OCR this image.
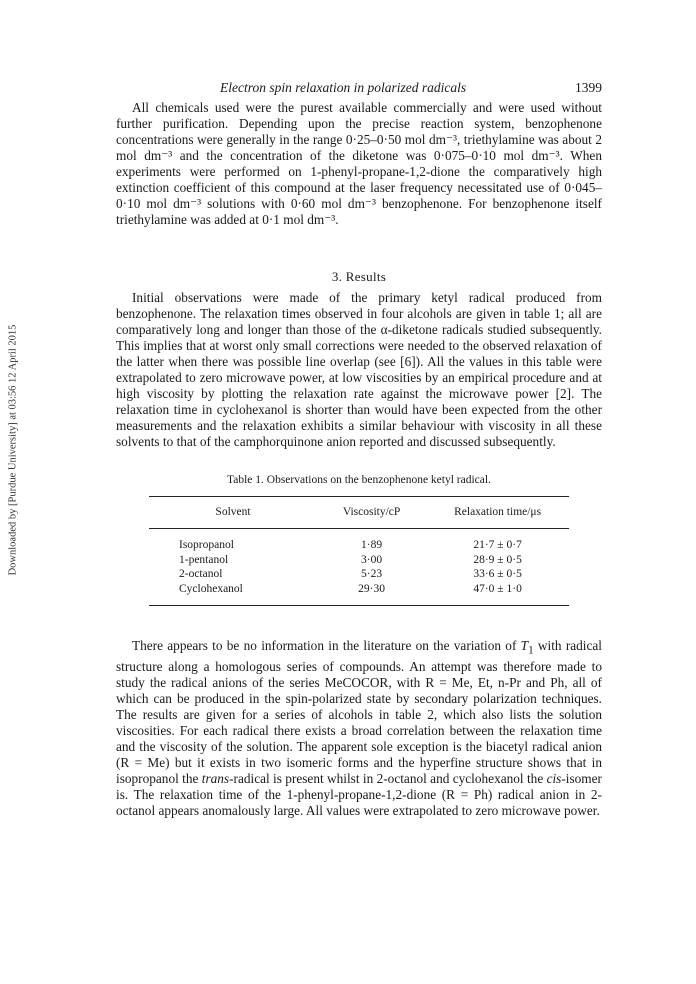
Downloaded by [Purdue University] at 03:56 12 April 2015
Electron spin relaxation in polarized radicals	1399

All chemicals used were the purest available commercially and were used without further purification. Depending upon the precise reaction system, benzophenone concentrations were generally in the range 0·25–0·50 mol dm⁻³, triethylamine was about 2 mol dm⁻³ and the concentration of the diketone was 0·075–0·10 mol dm⁻³. When experiments were performed on 1-phenyl-propane-1,2-dione the comparatively high extinction coefficient of this compound at the laser frequency necessitated use of 0·045–0·10 mol dm⁻³ solutions with 0·60 mol dm⁻³ benzophenone. For benzophenone itself triethylamine was added at 0·1 mol dm⁻³.

3. Results

Initial observations were made of the primary ketyl radical produced from benzophenone. The relaxation times observed in four alcohols are given in table 1; all are comparatively long and longer than those of the α-diketone radicals studied subsequently. This implies that at worst only small corrections were needed to the observed relaxation of the latter when there was possible line overlap (see [6]). All the values in this table were extrapolated to zero microwave power, at low viscosities by an empirical procedure and at high viscosity by plotting the relaxation rate against the microwave power [2]. The relaxation time in cyclohexanol is shorter than would have been expected from the other measurements and the relaxation exhibits a similar behaviour with viscosity in all these solvents to that of the camphorquinone anion reported and discussed subsequently.

Table 1. Observations on the benzophenone ketyl radical.
Solvent	Viscosity/cP	Relaxation time/μs
Isopropanol	1·89	21·7 ± 0·7
1-pentanol	3·00	28·9 ± 0·5
2-octanol	5·23	33·6 ± 0·5
Cyclohexanol	29·30	47·0 ± 1·0

There appears to be no information in the literature on the variation of $T_1$ with radical structure along a homologous series of compounds. An attempt was therefore made to study the radical anions of the series MeCOCOR, with R = Me, Et, n-Pr and Ph, all of which can be produced in the spin-polarized state by secondary polarization techniques. The results are given for a series of alcohols in table 2, which also lists the solution viscosities. For each radical there exists a broad correlation between the relaxation time and the viscosity of the solution. The apparent sole exception is the biacetyl radical anion (R = Me) but it exists in two isomeric forms and the hyperfine structure shows that in isopropanol the trans-radical is present whilst in 2-octanol and cyclohexanol the cis-isomer is. The relaxation time of the 1-phenyl-propane-1,2-dione (R = Ph) radical anion in 2-octanol appears anomalously large. All values were extrapolated to zero microwave power.
